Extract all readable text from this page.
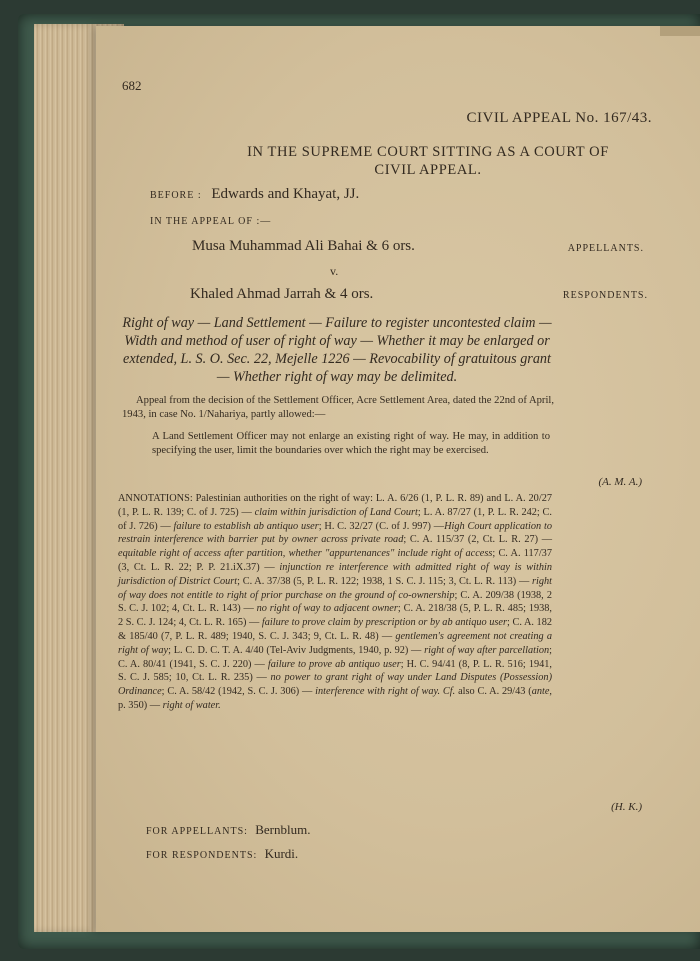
682
CIVIL APPEAL No. 167/43.
IN THE SUPREME COURT SITTING AS A COURT OF
CIVIL APPEAL.
BEFORE : Edwards and Khayat, JJ.
IN THE APPEAL OF :—
Musa Muhammad Ali Bahai & 6 ors.	APPELLANTS.
v.
Khaled Ahmad Jarrah & 4 ors.	RESPONDENTS.
Right of way — Land Settlement — Failure to register uncontested claim — Width and method of user of right of way — Whether it may be enlarged or extended, L. S. O. Sec. 22, Mejelle 1226 — Revocability of gratuitous grant — Whether right of way may be delimited.
Appeal from the decision of the Settlement Officer, Acre Settlement Area, dated the 22nd of April, 1943, in case No. 1/Nahariya, partly allowed:—
A Land Settlement Officer may not enlarge an existing right of way. He may, in addition to specifying the user, limit the boundaries over which the right may be exercised.
(A. M. A.)
ANNOTATIONS: Palestinian authorities on the right of way: L. A. 6/26 (1, P. L. R. 89) and L. A. 20/27 (1, P. L. R. 139; C. of J. 725) — claim within jurisdiction of Land Court; L. A. 87/27 (1, P. L. R. 242; C. of J. 726) — failure to establish ab antiquo user; H. C. 32/27 (C. of J. 997) —High Court application to restrain interference with barrier put by owner across private road; C. A. 115/37 (2, Ct. L. R. 27) — equitable right of access after partition, whether "appurtenances" include right of access; C. A. 117/37 (3, Ct. L. R. 22; P. P. 21.iX.37) — injunction re interference with admitted right of way is within jurisdiction of District Court; C. A. 37/38 (5, P. L. R. 122; 1938, 1 S. C. J. 115; 3, Ct. L. R. 113) — right of way does not entitle to right of prior purchase on the ground of co-ownership; C. A. 209/38 (1938, 2 S. C. J. 102; 4, Ct. L. R. 143) — no right of way to adjacent owner; C. A. 218/38 (5, P. L. R. 485; 1938, 2 S. C. J. 124; 4, Ct. L. R. 165) — failure to prove claim by prescription or by ab antiquo user; C. A. 182 & 185/40 (7, P. L. R. 489; 1940, S. C. J. 343; 9, Ct. L. R. 48) — gentlemen's agreement not creating a right of way; L. C. D. C. T. A. 4/40 (Tel-Aviv Judgments, 1940, p. 92) — right of way after parcellation; C. A. 80/41 (1941, S. C. J. 220) — failure to prove ab antiquo user; H. C. 94/41 (8, P. L. R. 516; 1941, S. C. J. 585; 10, Ct. L. R. 235) — no power to grant right of way under Land Disputes (Possession) Ordinance; C. A. 58/42 (1942, S. C. J. 306) — interference with right of way. Cf. also C. A. 29/43 (ante, p. 350) — right of water.
(H. K.)
FOR APPELLANTS: Bernblum.
FOR RESPONDENTS: Kurdi.
